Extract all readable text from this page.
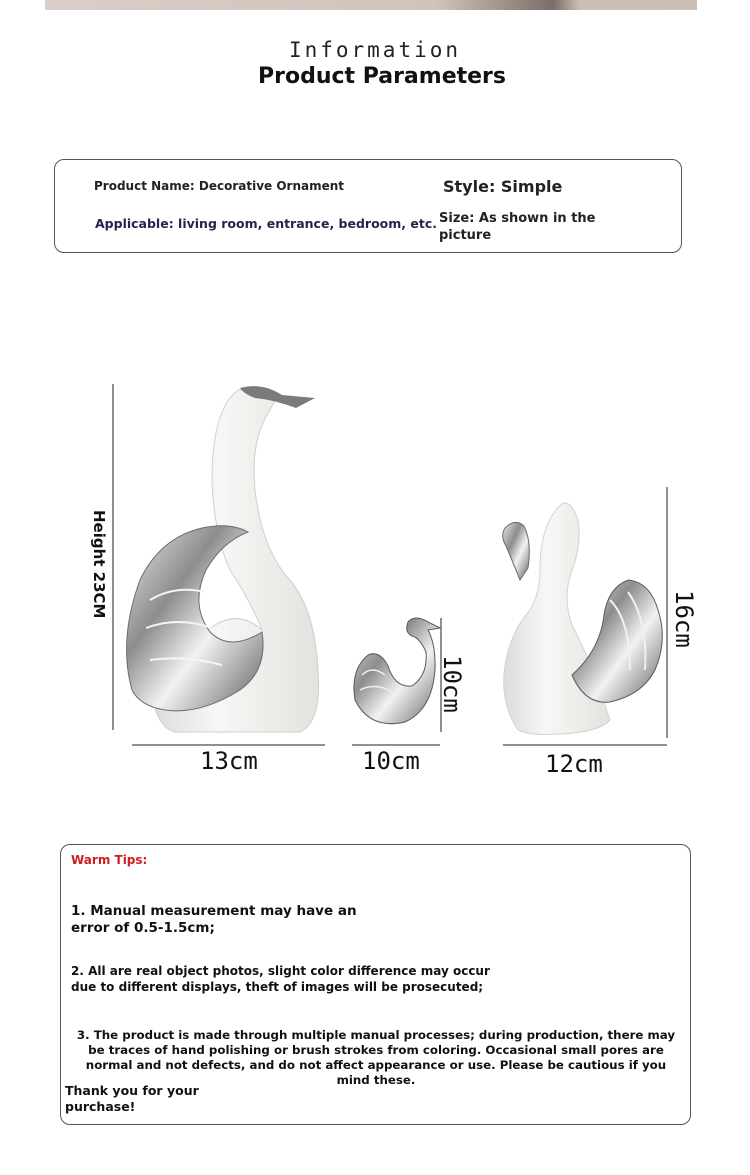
Information
Product Parameters
Product Name: Decorative Ornament	Style: Simple
Applicable: living room, entrance, bedroom, etc. Size: As shown in the picture
Height 23CM
13cm	10cm
10cm
12cm
16cm
Warm Tips:
1. Manual measurement may have an error of 0.5-1.5cm;
2. All are real object photos, slight color difference may occur due to different displays, theft of images will be prosecuted;
3. The product is made through multiple manual processes; during production, there may be traces of hand polishing or brush strokes from coloring. Occasional small pores are normal and not defects, and do not affect appearance or use. Please be cautious if you mind these.
Thank you for your purchase!
